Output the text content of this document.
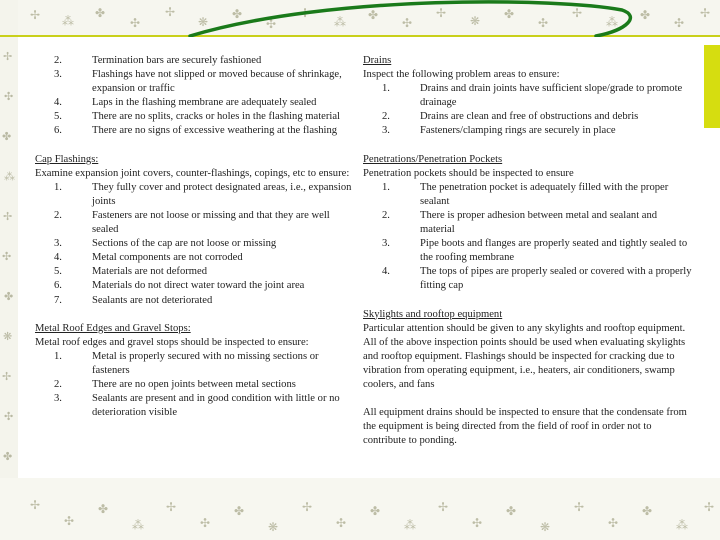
✢ ⁂
✤
✣
✢
❋
✤
✣
✢
⁂ ✤
✣
✢
❋ ✤
✣
✢
⁂ ✤
✣
✢
✢
✣
✤
⁂
✢
✣
✤
❋
✢
✣
✤
✢
✣
✤
⁂
✢
✣
✤
❋
✢
✣
✤
⁂
✢
✣
✤
❋
✢
✣
✤
⁂
✢
2.	Termination bars are securely fashioned
3.	Flashings have not slipped or moved because of shrinkage, expansion or traffic
4.	Laps in the flashing membrane are adequately sealed
5.	There are no splits, cracks or holes in the flashing material
6.	There are no signs of excessive weathering at the flashing
Cap Flashings:
Examine expansion joint covers, counter-flashings, copings, etc to ensure:
1.	They fully cover and protect designated areas, i.e., expansion joints
2.	Fasteners are not loose or missing and that they are well sealed
3.	Sections of the cap are not loose or missing
4.	Metal components are not corroded
5.	Materials are not deformed
6.	Materials do not direct water toward the joint area
7.	Sealants are not deteriorated
Metal Roof Edges and Gravel Stops:
Metal roof edges and gravel stops should be inspected to ensure:
1.	Metal is properly secured with no missing sections or fasteners
2.	There are no open joints between metal sections
3.	Sealants are present and in good condition with little or no deterioration visible
Drains
Inspect the following problem areas to ensure:
1.	Drains and drain joints have sufficient slope/grade to promote drainage
2.	Drains are clean and free of obstructions and debris
3.	Fasteners/clamping rings are securely in place
Penetrations/Penetration Pockets
Penetration pockets should be inspected to ensure
1.	The penetration pocket is adequately filled with the proper sealant
2.	There is proper adhesion between metal and sealant and material
3.	Pipe boots and flanges are properly seated and tightly sealed to the roofing membrane
4.	The tops of pipes are properly sealed or covered with a properly fitting cap
Skylights and rooftop equipment
Particular attention should be given to any skylights and rooftop equipment. All of the above inspection points should be used when evaluating skylights and rooftop equipment. Flashings should be inspected for cracking due to vibration from operating equipment, i.e., heaters, air conditioners, swamp coolers, and fans
All equipment drains should be inspected to ensure that the condensate from the equipment is being directed from the field of roof in order not to contribute to ponding.
